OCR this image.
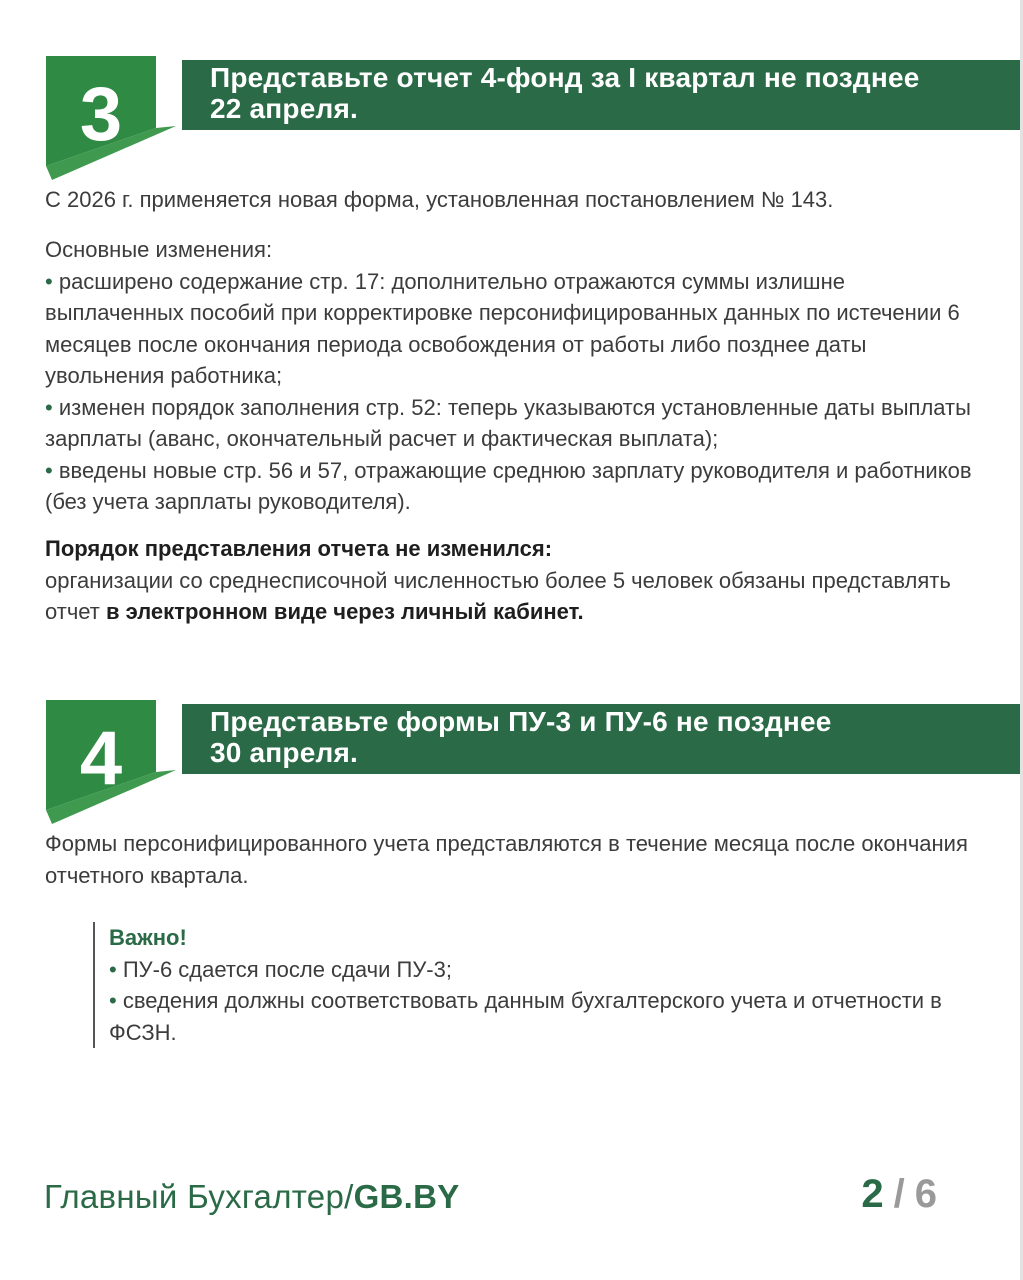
3	Представьте отчет 4-фонд за I квартал не позднее
22 апреля.

С 2026 г. применяется новая форма, установленная постановлением № 143.

Основные изменения:

• расширено содержание стр. 17: дополнительно отражаются суммы излишне выплаченных пособий при корректировке персонифицированных данных по истечении 6 месяцев после окончания периода освобождения от работы либо позднее даты увольнения работника;

• изменен порядок заполнения стр. 52: теперь указываются установленные даты выплаты зарплаты (аванс, окончательный расчет и фактическая выплата);

• введены новые стр. 56 и 57, отражающие среднюю зарплату руководителя и работников (без учета зарплаты руководителя).

Порядок представления отчета не изменился:

организации со среднесписочной численностью более 5 человек обязаны представлять отчет в электронном виде через личный кабинет.

4	Представьте формы ПУ-3 и ПУ-6 не позднее
30 апреля.

Формы персонифицированного учета представляются в течение месяца после окончания отчетного квартала.

Важно!

• ПУ-6 сдается после сдачи ПУ-3;

• сведения должны соответствовать данным бухгалтерского учета и отчетности в ФСЗН.

Главный Бухгалтер/GB.BY	2 / 6
